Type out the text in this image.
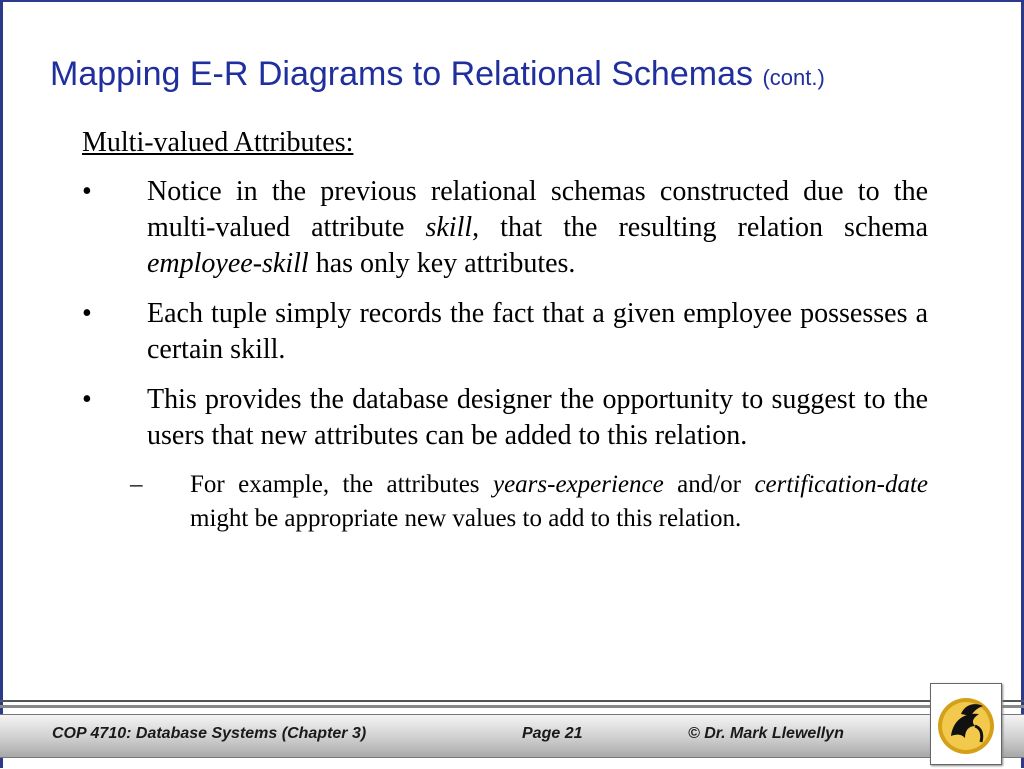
Mapping E-R Diagrams to Relational Schemas (cont.)
Multi-valued Attributes:
• Notice in the previous relational schemas constructed due to the multi-valued attribute skill, that the resulting relation schema employee-skill has only key attributes.
• Each tuple simply records the fact that a given employee possesses a certain skill.
• This provides the database designer the opportunity to suggest to the users that new attributes can be added to this relation.
– For example, the attributes years-experience and/or certification-date might be appropriate new values to add to this relation.
COP 4710: Database Systems (Chapter 3)	Page 21	© Dr. Mark Llewellyn
